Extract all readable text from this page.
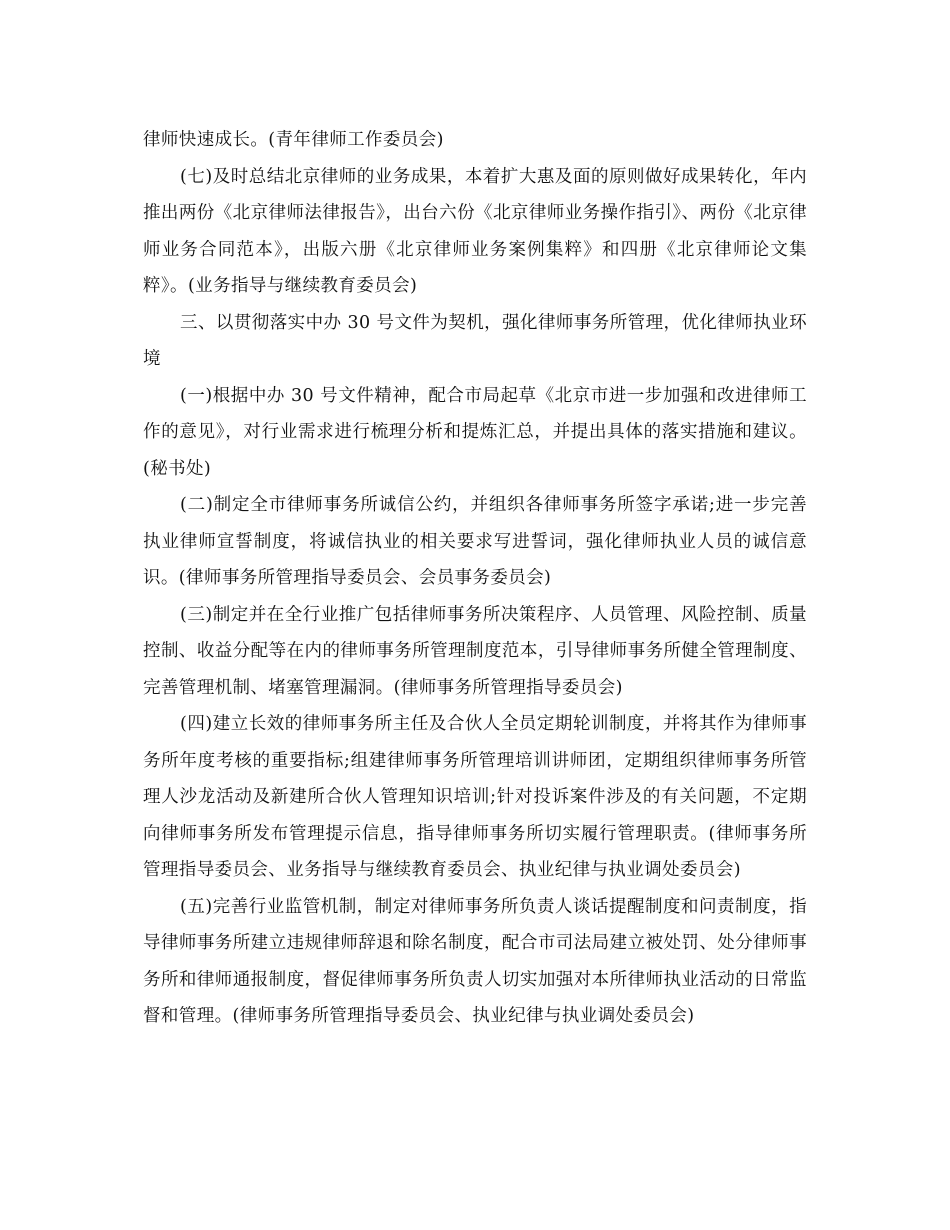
律师快速成长。(青年律师工作委员会)

(七)及时总结北京律师的业务成果，本着扩大惠及面的原则做好成果转化，年内推出两份《北京律师法律报告》，出台六份《北京律师业务操作指引》、两份《北京律师业务合同范本》，出版六册《北京律师业务案例集粹》和四册《北京律师论文集粹》。(业务指导与继续教育委员会)

三、以贯彻落实中办 30 号文件为契机，强化律师事务所管理，优化律师执业环境

(一)根据中办 30 号文件精神，配合市局起草《北京市进一步加强和改进律师工作的意见》，对行业需求进行梳理分析和提炼汇总，并提出具体的落实措施和建议。(秘书处)

(二)制定全市律师事务所诚信公约，并组织各律师事务所签字承诺;进一步完善执业律师宣誓制度，将诚信执业的相关要求写进誓词，强化律师执业人员的诚信意识。(律师事务所管理指导委员会、会员事务委员会)

(三)制定并在全行业推广包括律师事务所决策程序、人员管理、风险控制、质量控制、收益分配等在内的律师事务所管理制度范本，引导律师事务所健全管理制度、完善管理机制、堵塞管理漏洞。(律师事务所管理指导委员会)

(四)建立长效的律师事务所主任及合伙人全员定期轮训制度，并将其作为律师事务所年度考核的重要指标;组建律师事务所管理培训讲师团，定期组织律师事务所管理人沙龙活动及新建所合伙人管理知识培训;针对投诉案件涉及的有关问题，不定期向律师事务所发布管理提示信息，指导律师事务所切实履行管理职责。(律师事务所管理指导委员会、业务指导与继续教育委员会、执业纪律与执业调处委员会)

(五)完善行业监管机制，制定对律师事务所负责人谈话提醒制度和问责制度，指导律师事务所建立违规律师辞退和除名制度，配合市司法局建立被处罚、处分律师事务所和律师通报制度，督促律师事务所负责人切实加强对本所律师执业活动的日常监督和管理。(律师事务所管理指导委员会、执业纪律与执业调处委员会)
